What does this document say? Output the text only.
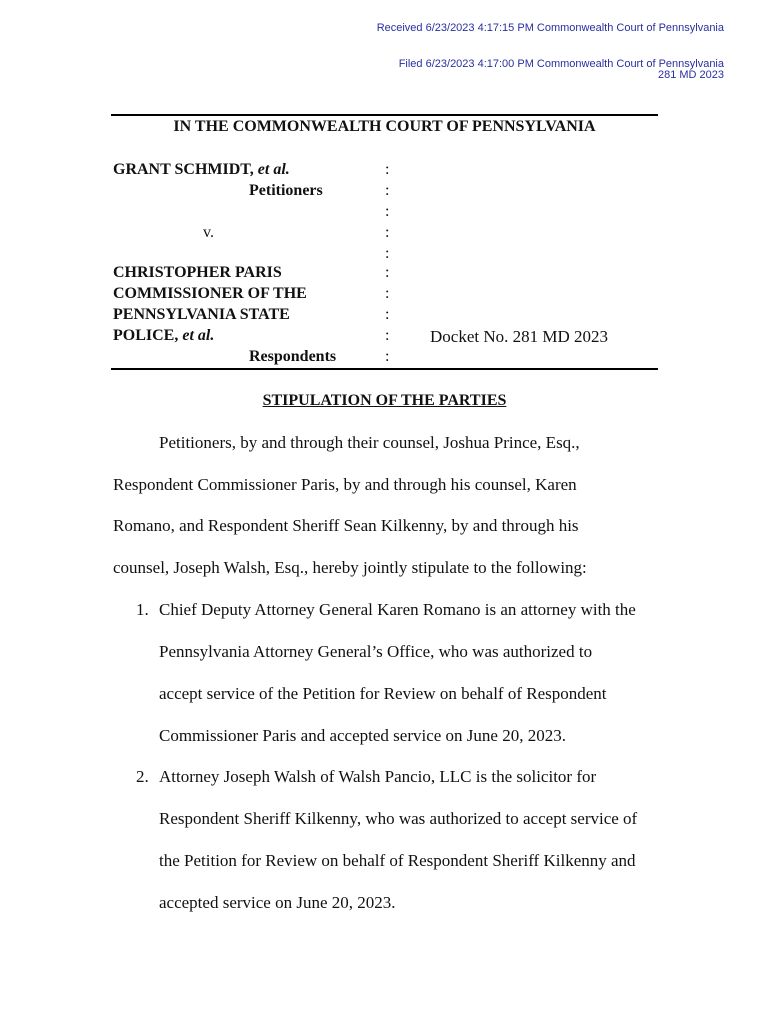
Received 6/23/2023 4:17:15 PM Commonwealth Court of Pennsylvania
Filed 6/23/2023 4:17:00 PM Commonwealth Court of Pennsylvania
281 MD 2023
IN THE COMMONWEALTH COURT OF PENNSYLVANIA
GRANT SCHMIDT, et al.
Petitioners
v.
CHRISTOPHER PARIS
COMMISSIONER OF THE
PENNSYLVANIA STATE
POLICE, et al.
Respondents
:
:
:
:
:
:
:
:
:
:
Docket No. 281 MD 2023
STIPULATION OF THE PARTIES
Petitioners, by and through their counsel, Joshua Prince, Esq.,
Respondent Commissioner Paris, by and through his counsel, Karen
Romano, and Respondent Sheriff Sean Kilkenny, by and through his
counsel, Joseph Walsh, Esq., hereby jointly stipulate to the following:
1. Chief Deputy Attorney General Karen Romano is an attorney with the
Pennsylvania Attorney General’s Office, who was authorized to
accept service of the Petition for Review on behalf of Respondent
Commissioner Paris and accepted service on June 20, 2023.
2. Attorney Joseph Walsh of Walsh Pancio, LLC is the solicitor for
Respondent Sheriff Kilkenny, who was authorized to accept service of
the Petition for Review on behalf of Respondent Sheriff Kilkenny and
accepted service on June 20, 2023.
